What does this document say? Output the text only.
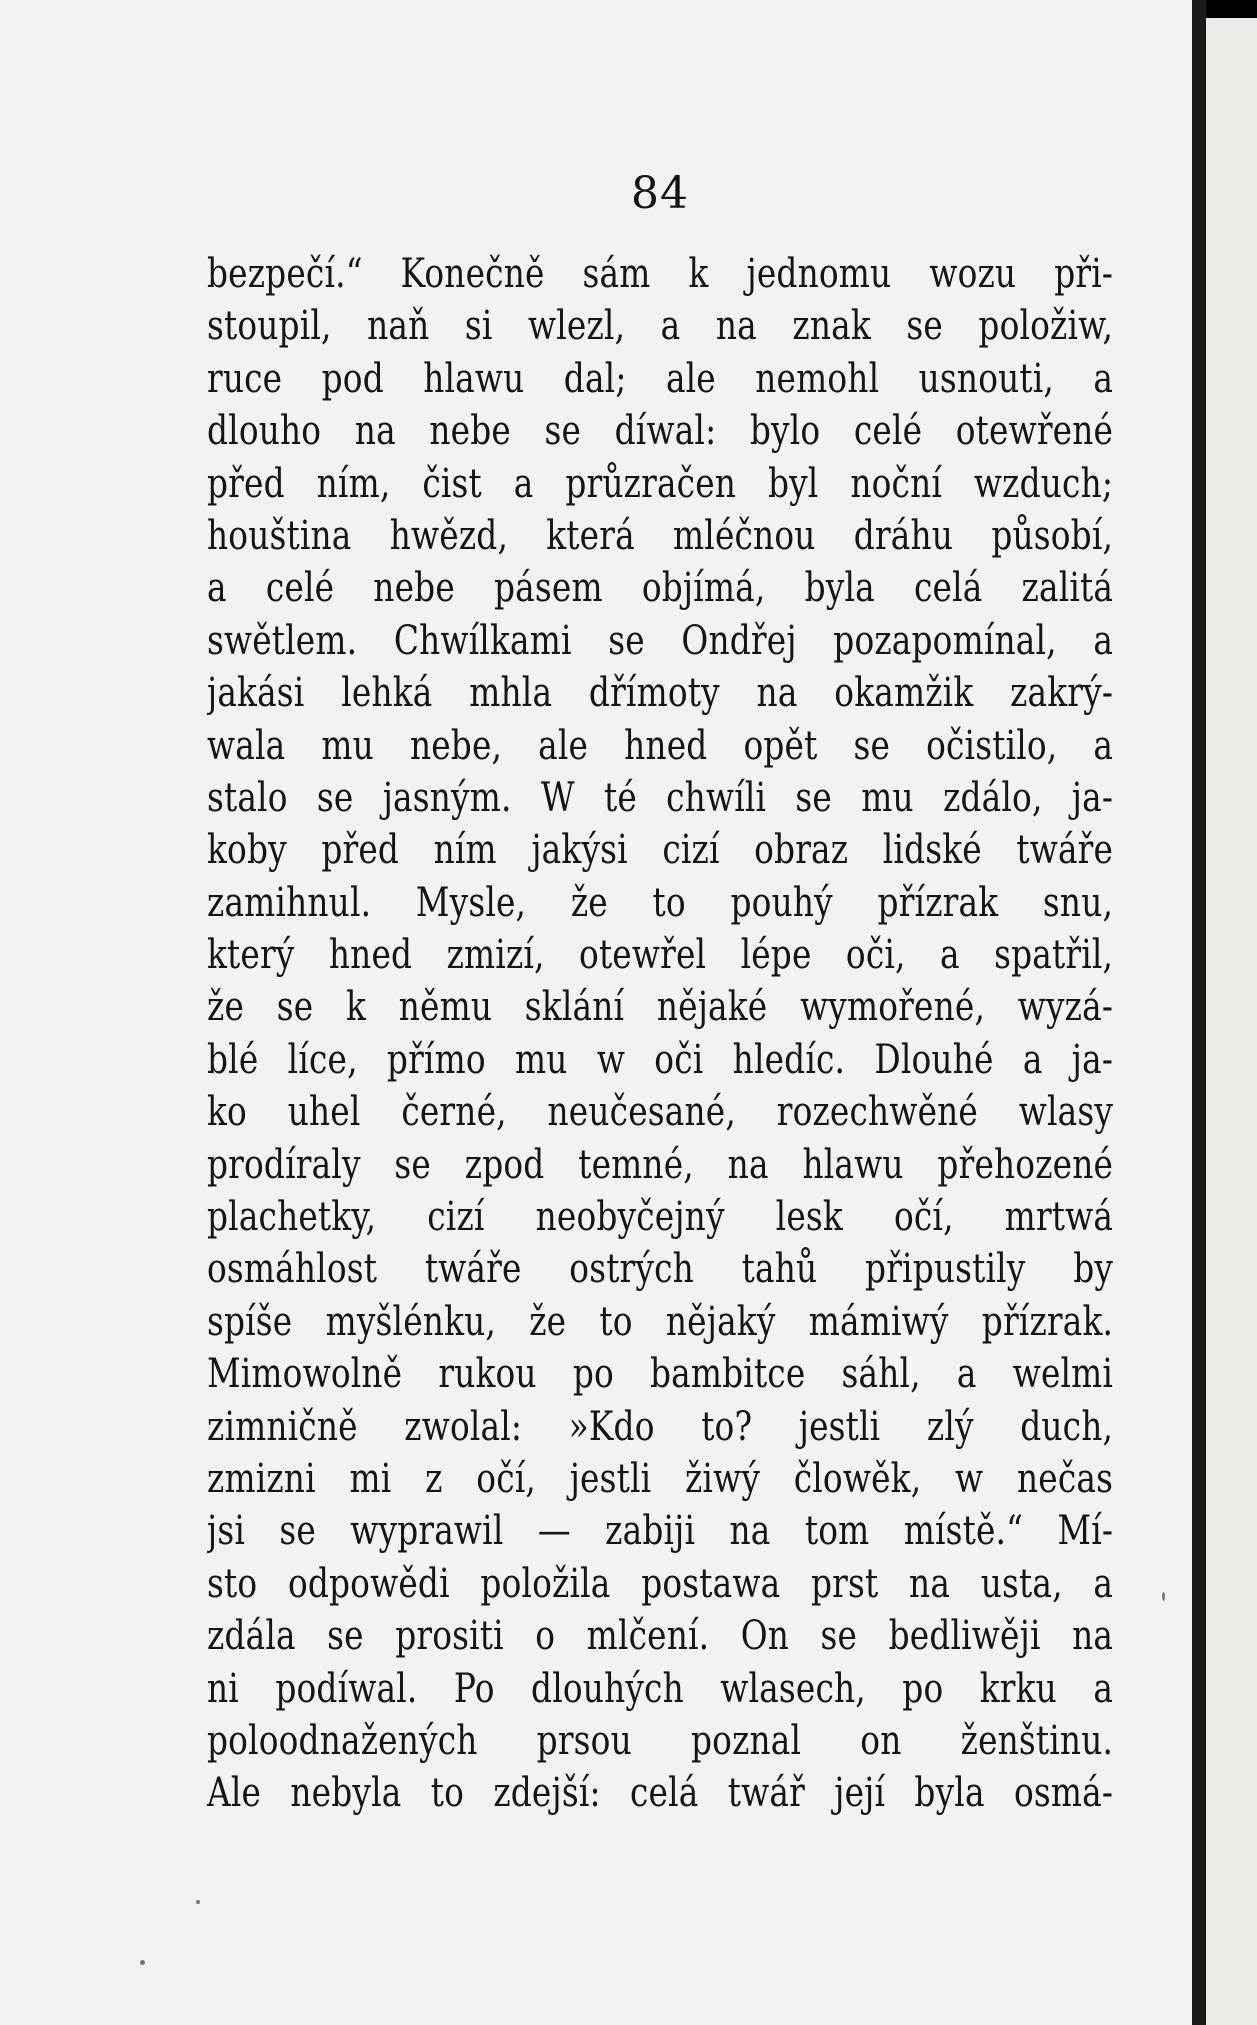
84
bezpečí.“ Konečně sám k jednomu wozu při-
stoupil, naň si wlezl, a na znak se položiw,
ruce pod hlawu dal; ale nemohl usnouti, a
dlouho na nebe se díwal: bylo celé otewřené
před ním, čist a průzračen byl noční wzduch;
houština hwězd, která mléčnou dráhu působí,
a celé nebe pásem objímá, byla celá zalitá
swětlem. Chwílkami se Ondřej pozapomínal, a
jakási lehká mhla dřímoty na okamžik zakrý-
wala mu nebe, ale hned opět se očistilo, a
stalo se jasným. W té chwíli se mu zdálo, ja-
koby před ním jakýsi cizí obraz lidské twáře
zamihnul. Mysle, že to pouhý přízrak snu,
který hned zmizí, otewřel lépe oči, a spatřil,
že se k němu sklání nějaké wymořené, wyzá-
blé líce, přímo mu w oči hledíc. Dlouhé a ja-
ko uhel černé, neučesané, rozechwěné wlasy
prodíraly se zpod temné, na hlawu přehozené
plachetky, cizí neobyčejný lesk očí, mrtwá
osmáhlost twáře ostrých tahů připustily by
spíše myšlénku, že to nějaký mámiwý přízrak.
Mimowolně rukou po bambitce sáhl, a welmi
zimničně zwolal: »Kdo to? jestli zlý duch,
zmizni mi z očí, jestli žiwý člowěk, w nečas
jsi se wyprawil — zabiji na tom místě.“ Mí-
sto odpowědi položila postawa prst na usta, a
zdála se prositi o mlčení. On se bedliwěji na
ni podíwal. Po dlouhých wlasech, po krku a
poloodnažených prsou poznal on ženštinu.
Ale nebyla to zdejší: celá twář její byla osmá-
